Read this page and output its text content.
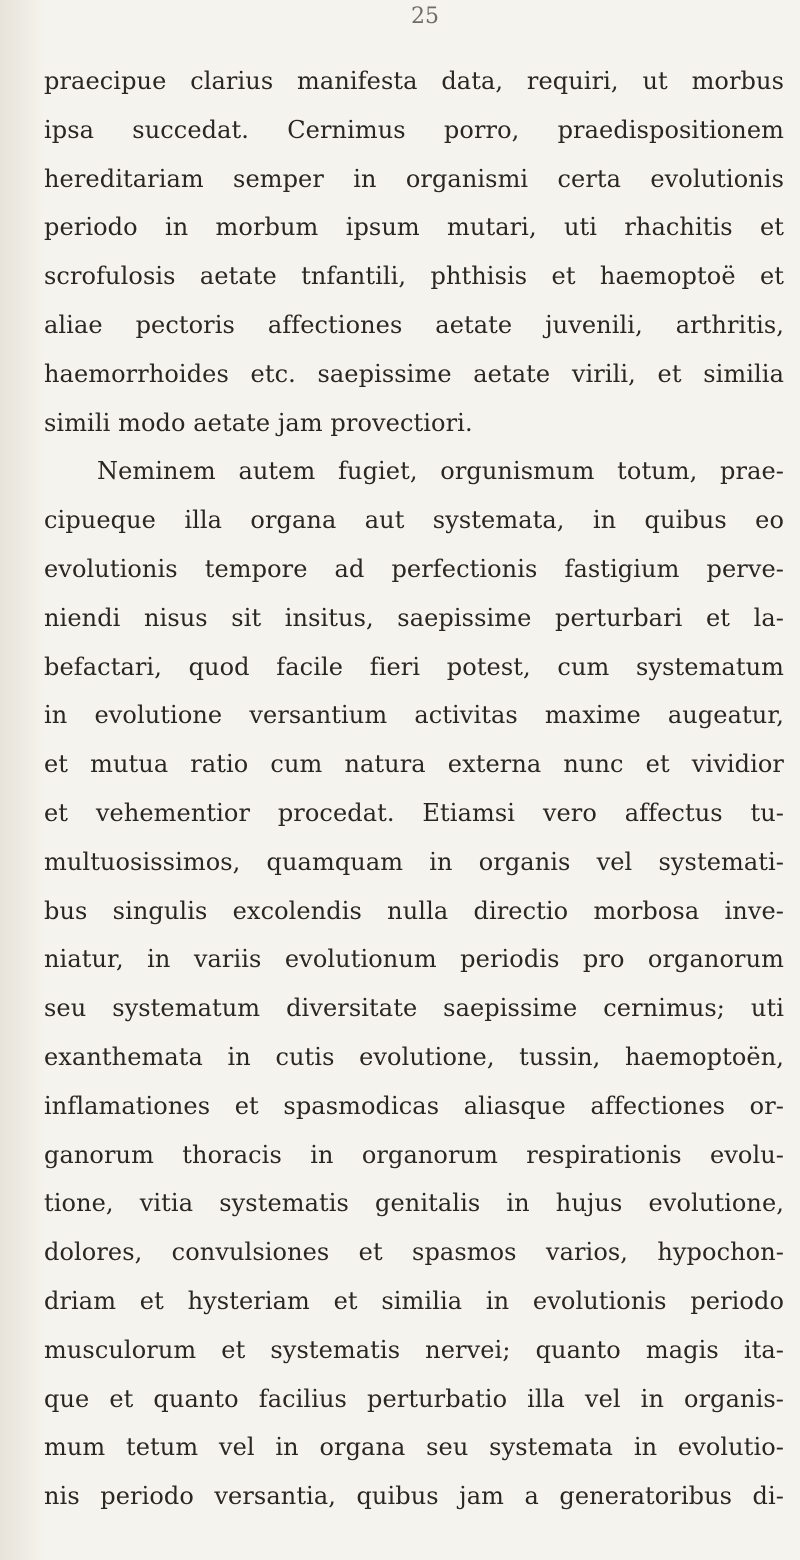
25
praecipue clarius manifesta data, requiri, ut morbus
ipsa succedat. Cernimus porro, praedispositionem
hereditariam semper in organismi certa evolutionis
periodo in morbum ipsum mutari, uti rhachitis et
scrofulosis aetate tnfantili, phthisis et haemoptoë et
aliae pectoris affectiones aetate juvenili, arthritis,
haemorrhoides etc. saepissime aetate virili, et similia
simili modo aetate jam provectiori.
Neminem autem fugiet, orgunismum totum, prae-
cipueque illa organa aut systemata, in quibus eo
evolutionis tempore ad perfectionis fastigium perve-
niendi nisus sit insitus, saepissime perturbari et la-
befactari, quod facile fieri potest, cum systematum
in evolutione versantium activitas maxime augeatur,
et mutua ratio cum natura externa nunc et vividior
et vehementior procedat. Etiamsi vero affectus tu-
multuosissimos, quamquam in organis vel systemati-
bus singulis excolendis nulla directio morbosa inve-
niatur, in variis evolutionum periodis pro organorum
seu systematum diversitate saepissime cernimus; uti
exanthemata in cutis evolutione, tussin, haemoptoën,
inflamationes et spasmodicas aliasque affectiones or-
ganorum thoracis in organorum respirationis evolu-
tione, vitia systematis genitalis in hujus evolutione,
dolores, convulsiones et spasmos varios, hypochon-
driam et hysteriam et similia in evolutionis periodo
musculorum et systematis nervei; quanto magis ita-
que et quanto facilius perturbatio illa vel in organis-
mum tetum vel in organa seu systemata in evolutio-
nis periodo versantia, quibus jam a generatoribus di-
